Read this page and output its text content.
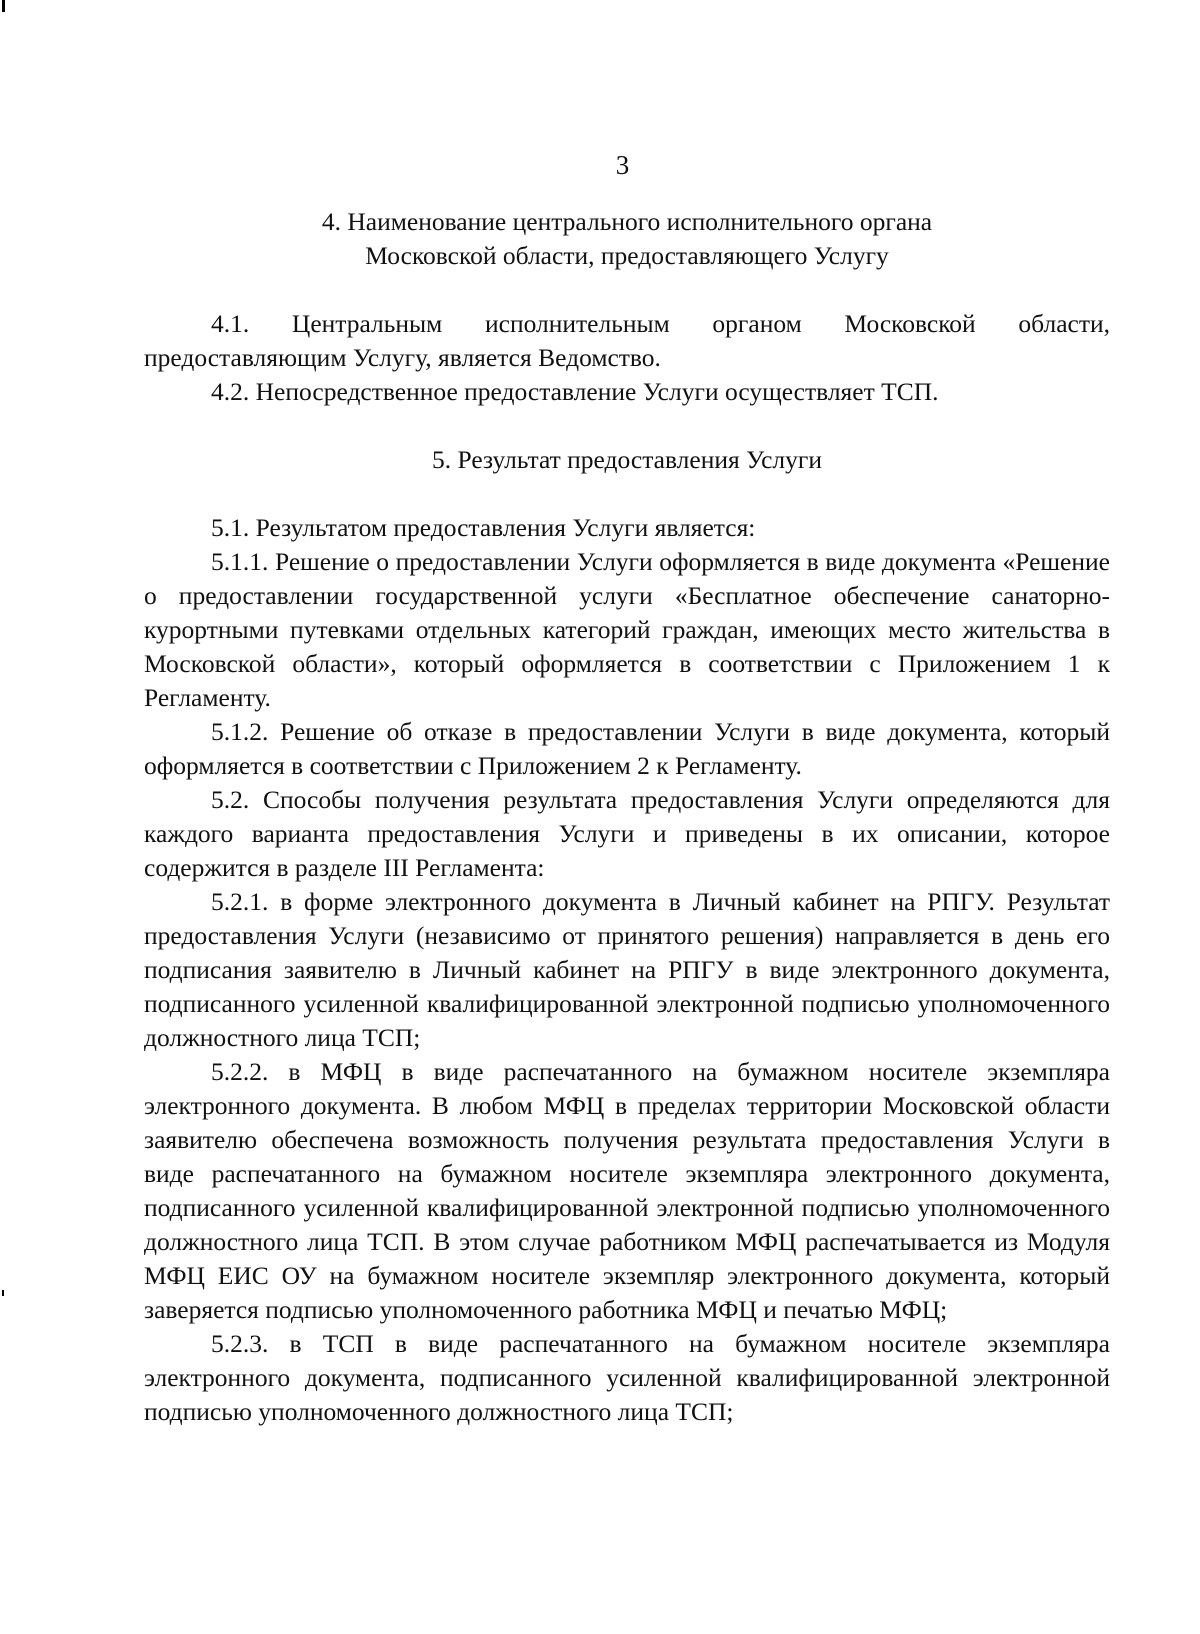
3
4. Наименование центрального исполнительного органа
Московской области, предоставляющего Услугу

4.1. Центральным исполнительным органом Московской области, предоставляющим Услугу, является Ведомство.

4.2. Непосредственное предоставление Услуги осуществляет ТСП.

5. Результат предоставления Услуги

5.1. Результатом предоставления Услуги является:

5.1.1. Решение о предоставлении Услуги оформляется в виде документа «Решение о предоставлении государственной услуги «Бесплатное обеспечение санаторно-курортными путевками отдельных категорий граждан, имеющих место жительства в Московской области», который оформляется в соответствии с Приложением 1 к Регламенту.

5.1.2. Решение об отказе в предоставлении Услуги в виде документа, который оформляется в соответствии с Приложением 2 к Регламенту.

5.2. Способы получения результата предоставления Услуги определяются для каждого варианта предоставления Услуги и приведены в их описании, которое содержится в разделе III Регламента:

5.2.1. в форме электронного документа в Личный кабинет на РПГУ. Результат предоставления Услуги (независимо от принятого решения) направляется в день его подписания заявителю в Личный кабинет на РПГУ в виде электронного документа, подписанного усиленной квалифицированной электронной подписью уполномоченного должностного лица ТСП;

5.2.2. в МФЦ в виде распечатанного на бумажном носителе экземпляра электронного документа. В любом МФЦ в пределах территории Московской области заявителю обеспечена возможность получения результата предоставления Услуги в виде распечатанного на бумажном носителе экземпляра электронного документа, подписанного усиленной квалифицированной электронной подписью уполномоченного должностного лица ТСП. В этом случае работником МФЦ распечатывается из Модуля МФЦ ЕИС ОУ на бумажном носителе экземпляр электронного документа, который заверяется подписью уполномоченного работника МФЦ и печатью МФЦ;

5.2.3. в ТСП в виде распечатанного на бумажном носителе экземпляра электронного документа, подписанного усиленной квалифицированной электронной подписью уполномоченного должностного лица ТСП;
